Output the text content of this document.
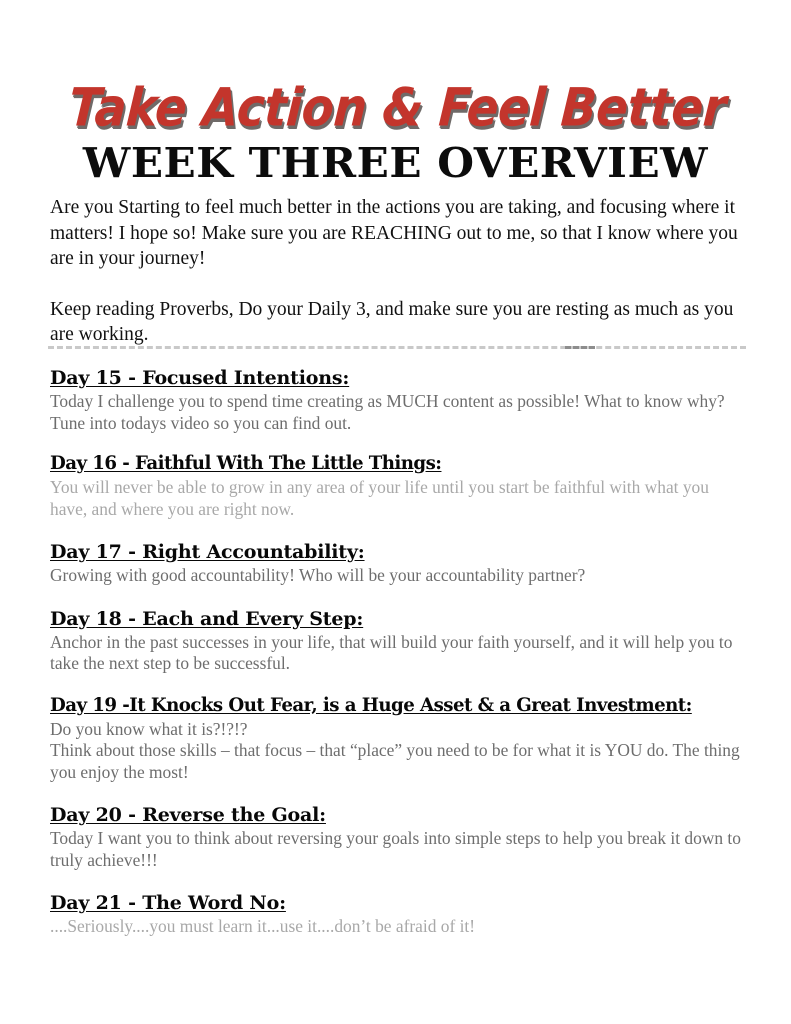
Take Action & Feel Better
WEEK THREE OVERVIEW

Are you Starting to feel much better in the actions you are taking, and focusing where it matters! I hope so! Make sure you are REACHING out to me, so that I know where you are in your journey!

Keep reading Proverbs, Do your Daily 3, and make sure you are resting as much as you are working.

Day 15 - Focused Intentions:

Today I challenge you to spend time creating as MUCH content as possible! What to know why? Tune into todays video so you can find out.

Day 16 - Faithful With The Little Things:

You will never be able to grow in any area of your life until you start be faithful with what you have, and where you are right now.

Day 17 - Right Accountability:

Growing with good accountability! Who will be your accountability partner?

Day 18 - Each and Every Step:

Anchor in the past successes in your life, that will build your faith yourself, and it will help you to take the next step to be successful.

Day 19 -It Knocks Out Fear, is a Huge Asset & a Great Investment:

Do you know what it is?!?!?

Think about those skills – that focus – that “place” you need to be for what it is YOU do. The thing you enjoy the most!

Day 20 - Reverse the Goal:

Today I want you to think about reversing your goals into simple steps to help you break it down to truly achieve!!!

Day 21 - The Word No:

....Seriously....you must learn it...use it....don’t be afraid of it!
